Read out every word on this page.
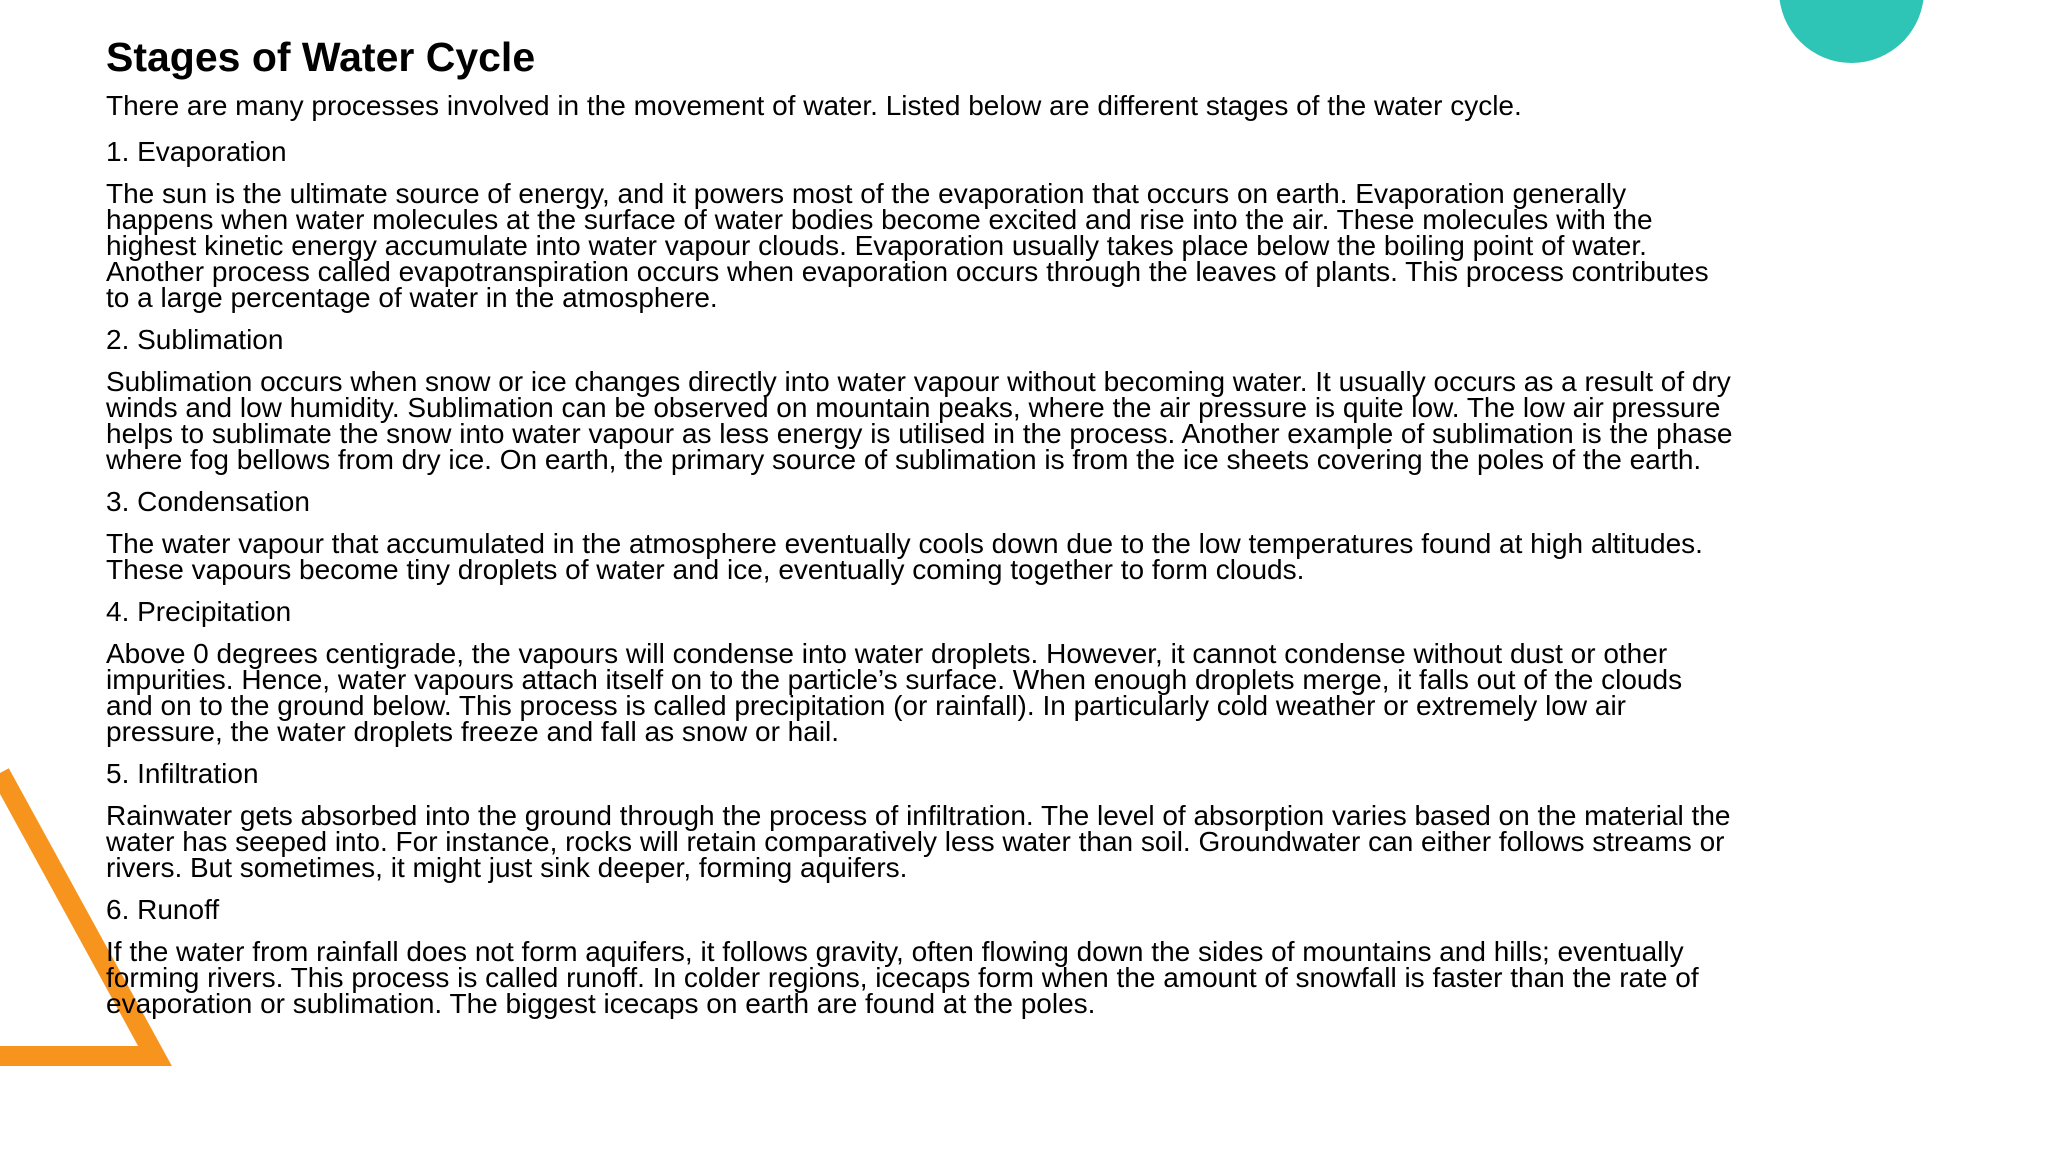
Stages of Water Cycle

There are many processes involved in the movement of water. Listed below are different stages of the water cycle.

1. Evaporation

The sun is the ultimate source of energy, and it powers most of the evaporation that occurs on earth. Evaporation generally
happens when water molecules at the surface of water bodies become excited and rise into the air. These molecules with the
highest kinetic energy accumulate into water vapour clouds. Evaporation usually takes place below the boiling point of water.
Another process called evapotranspiration occurs when evaporation occurs through the leaves of plants. This process contributes
to a large percentage of water in the atmosphere.

2. Sublimation

Sublimation occurs when snow or ice changes directly into water vapour without becoming water. It usually occurs as a result of dry
winds and low humidity. Sublimation can be observed on mountain peaks, where the air pressure is quite low. The low air pressure
helps to sublimate the snow into water vapour as less energy is utilised in the process. Another example of sublimation is the phase
where fog bellows from dry ice. On earth, the primary source of sublimation is from the ice sheets covering the poles of the earth.

3. Condensation

The water vapour that accumulated in the atmosphere eventually cools down due to the low temperatures found at high altitudes.
These vapours become tiny droplets of water and ice, eventually coming together to form clouds.

4. Precipitation

Above 0 degrees centigrade, the vapours will condense into water droplets. However, it cannot condense without dust or other
impurities. Hence, water vapours attach itself on to the particle’s surface. When enough droplets merge, it falls out of the clouds
and on to the ground below. This process is called precipitation (or rainfall). In particularly cold weather or extremely low air
pressure, the water droplets freeze and fall as snow or hail.

5. Infiltration

Rainwater gets absorbed into the ground through the process of infiltration. The level of absorption varies based on the material the
water has seeped into. For instance, rocks will retain comparatively less water than soil. Groundwater can either follows streams or
rivers. But sometimes, it might just sink deeper, forming aquifers.

6. Runoff

If the water from rainfall does not form aquifers, it follows gravity, often flowing down the sides of mountains and hills; eventually
forming rivers. This process is called runoff. In colder regions, icecaps form when the amount of snowfall is faster than the rate of
evaporation or sublimation. The biggest icecaps on earth are found at the poles.
